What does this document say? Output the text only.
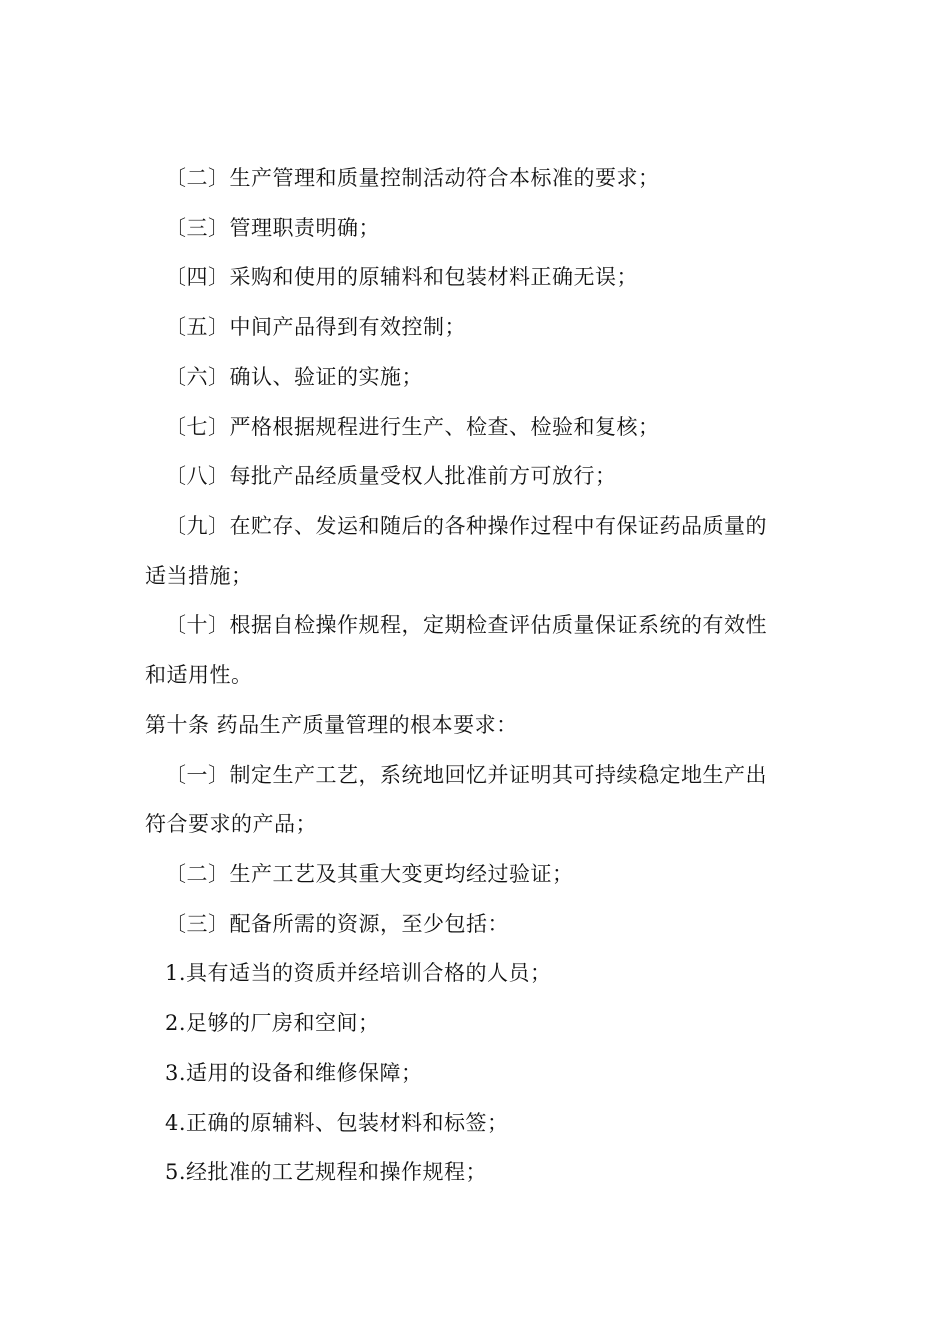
〔二〕生产管理和质量控制活动符合本标准的要求；
〔三〕管理职责明确；
〔四〕采购和使用的原辅料和包装材料正确无误；
〔五〕中间产品得到有效控制；
〔六〕确认、验证的实施；
〔七〕严格根据规程进行生产、检查、检验和复核；
〔八〕每批产品经质量受权人批准前方可放行；
〔九〕在贮存、发运和随后的各种操作过程中有保证药品质量的
适当措施；
〔十〕根据自检操作规程，定期检查评估质量保证系统的有效性
和适用性。
第十条 药品生产质量管理的根本要求：
〔一〕制定生产工艺，系统地回忆并证明其可持续稳定地生产出
符合要求的产品；
〔二〕生产工艺及其重大变更均经过验证；
〔三〕配备所需的资源，至少包括：
1.具有适当的资质并经培训合格的人员；
2.足够的厂房和空间；
3.适用的设备和维修保障；
4.正确的原辅料、包装材料和标签；
5.经批准的工艺规程和操作规程；
